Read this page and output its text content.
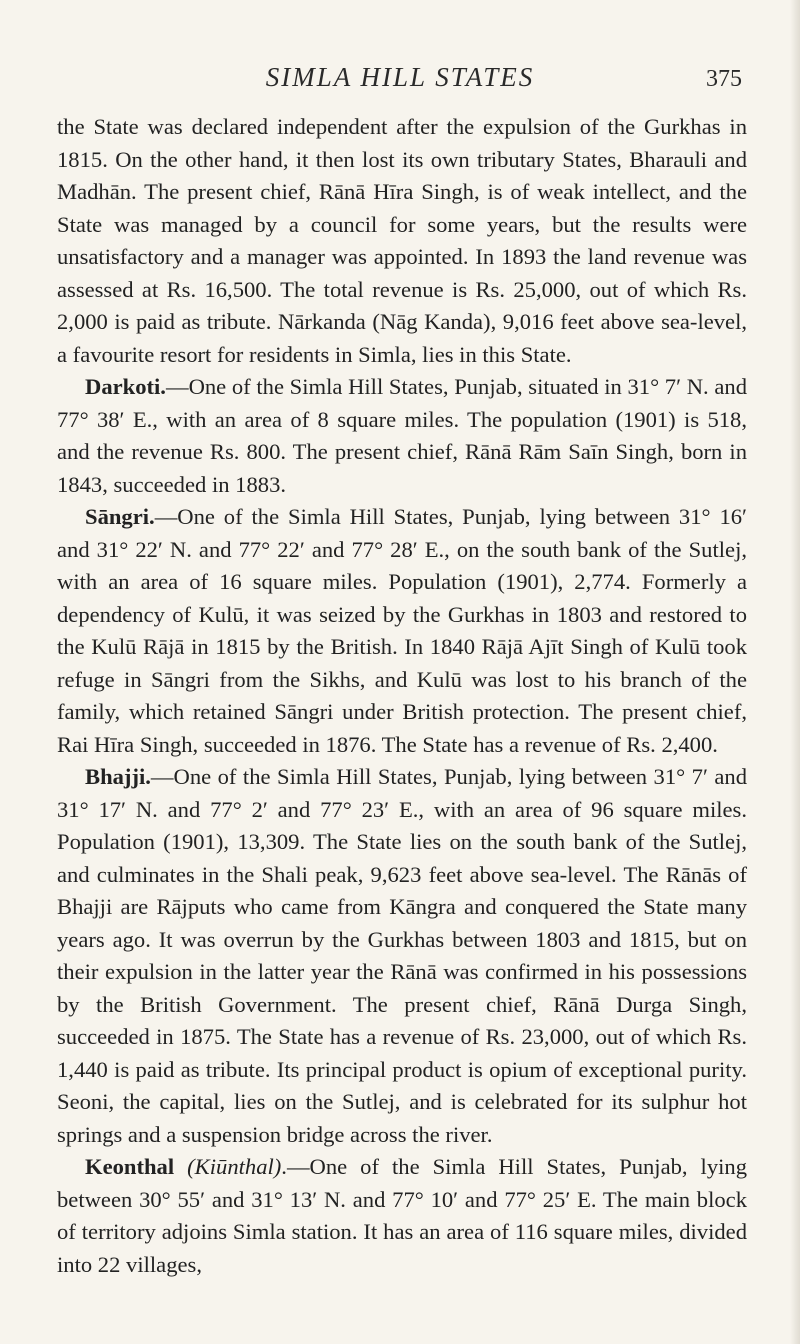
SIMLA HILL STATES	375

the State was declared independent after the expulsion of the Gurkhas in 1815. On the other hand, it then lost its own tributary States, Bharauli and Madhān. The present chief, Rānā Hīra Singh, is of weak intellect, and the State was managed by a council for some years, but the results were unsatisfactory and a manager was appointed. In 1893 the land revenue was assessed at Rs. 16,500. The total revenue is Rs. 25,000, out of which Rs. 2,000 is paid as tribute. Nārkanda (Nāg Kanda), 9,016 feet above sea-level, a favourite resort for residents in Simla, lies in this State.

Darkoti.—One of the Simla Hill States, Punjab, situated in 31° 7′ N. and 77° 38′ E., with an area of 8 square miles. The population (1901) is 518, and the revenue Rs. 800. The present chief, Rānā Rām Saīn Singh, born in 1843, succeeded in 1883.

Sāngri.—One of the Simla Hill States, Punjab, lying between 31° 16′ and 31° 22′ N. and 77° 22′ and 77° 28′ E., on the south bank of the Sutlej, with an area of 16 square miles. Population (1901), 2,774. Formerly a dependency of Kulū, it was seized by the Gurkhas in 1803 and restored to the Kulū Rājā in 1815 by the British. In 1840 Rājā Ajīt Singh of Kulū took refuge in Sāngri from the Sikhs, and Kulū was lost to his branch of the family, which retained Sāngri under British protection. The present chief, Rai Hīra Singh, succeeded in 1876. The State has a revenue of Rs. 2,400.

Bhajji.—One of the Simla Hill States, Punjab, lying between 31° 7′ and 31° 17′ N. and 77° 2′ and 77° 23′ E., with an area of 96 square miles. Population (1901), 13,309. The State lies on the south bank of the Sutlej, and culminates in the Shali peak, 9,623 feet above sea-level. The Rānās of Bhajji are Rājputs who came from Kāngra and conquered the State many years ago. It was overrun by the Gurkhas between 1803 and 1815, but on their expulsion in the latter year the Rānā was confirmed in his possessions by the British Government. The present chief, Rānā Durga Singh, succeeded in 1875. The State has a revenue of Rs. 23,000, out of which Rs. 1,440 is paid as tribute. Its principal product is opium of exceptional purity. Seoni, the capital, lies on the Sutlej, and is celebrated for its sulphur hot springs and a suspension bridge across the river.

Keonthal (Kiūnthal).—One of the Simla Hill States, Punjab, lying between 30° 55′ and 31° 13′ N. and 77° 10′ and 77° 25′ E. The main block of territory adjoins Simla station. It has an area of 116 square miles, divided into 22 villages,
